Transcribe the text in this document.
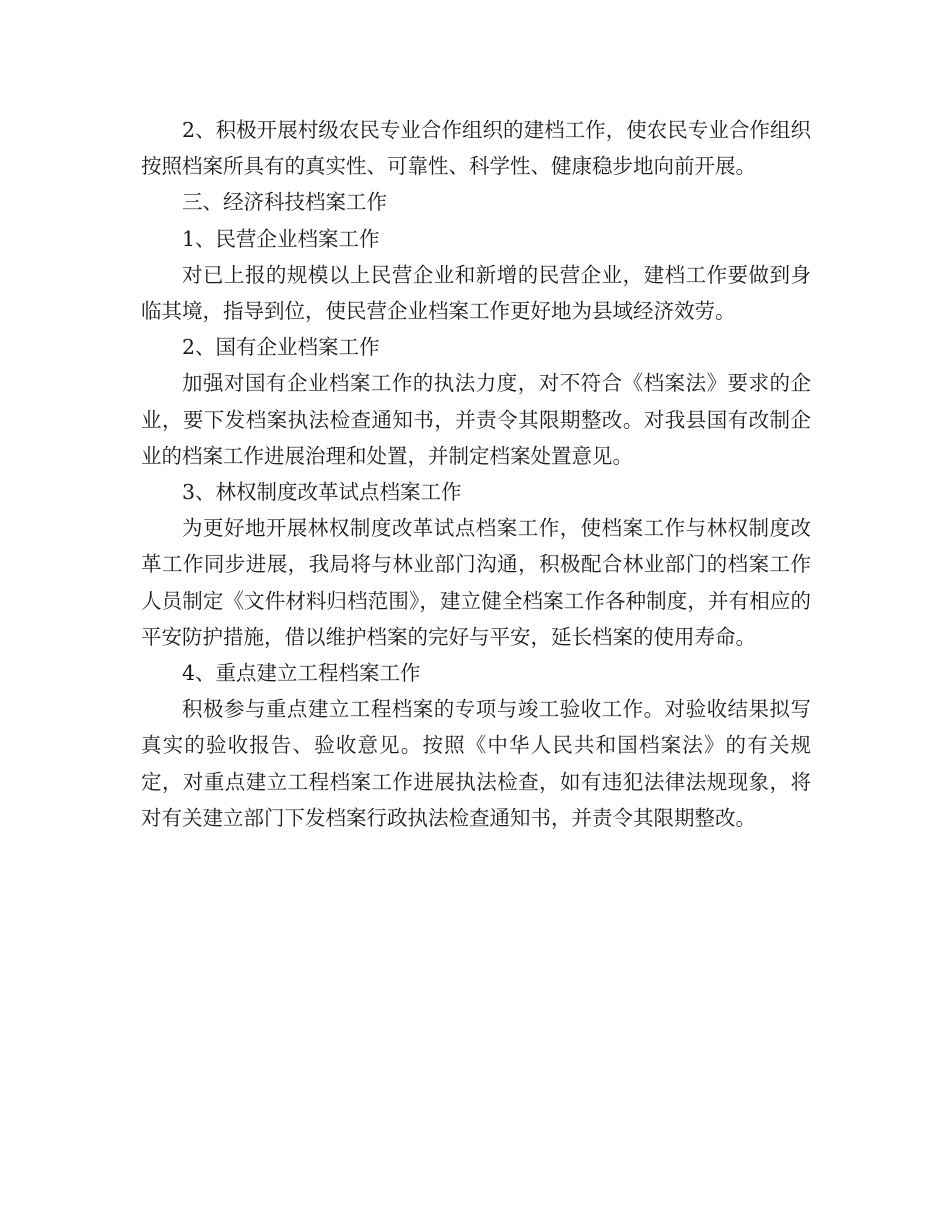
2、积极开展村级农民专业合作组织的建档工作，使农民专业合作组织按照档案所具有的真实性、可靠性、科学性、健康稳步地向前开展。

三、经济科技档案工作

1、民营企业档案工作

对已上报的规模以上民营企业和新增的民营企业，建档工作要做到身临其境，指导到位，使民营企业档案工作更好地为县域经济效劳。

2、国有企业档案工作

加强对国有企业档案工作的执法力度，对不符合《档案法》要求的企业，要下发档案执法检查通知书，并责令其限期整改。对我县国有改制企业的档案工作进展治理和处置，并制定档案处置意见。

3、林权制度改革试点档案工作

为更好地开展林权制度改革试点档案工作，使档案工作与林权制度改革工作同步进展，我局将与林业部门沟通，积极配合林业部门的档案工作人员制定《文件材料归档范围》，建立健全档案工作各种制度，并有相应的平安防护措施，借以维护档案的完好与平安，延长档案的使用寿命。

4、重点建立工程档案工作

积极参与重点建立工程档案的专项与竣工验收工作。对验收结果拟写真实的验收报告、验收意见。按照《中华人民共和国档案法》的有关规定，对重点建立工程档案工作进展执法检查，如有违犯法律法规现象，将对有关建立部门下发档案行政执法检查通知书，并责令其限期整改。
